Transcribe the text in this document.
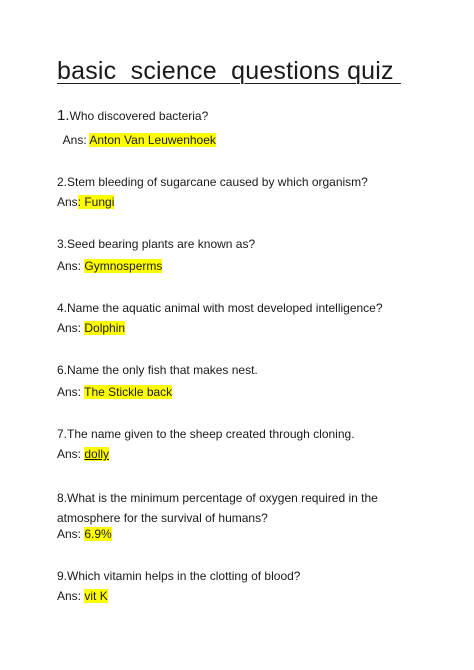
basic  science  questions quiz
1.Who discovered bacteria?
Ans: Anton Van Leuwenhoek
2.Stem bleeding of sugarcane caused by which organism?
Ans: Fungi
3.Seed bearing plants are known as?
Ans: Gymnosperms
4.Name the aquatic animal with most developed intelligence?
Ans: Dolphin
6.Name the only fish that makes nest.
Ans: The Stickle back
7.The name given to the sheep created through cloning.
Ans: dolly
8.What is the minimum percentage of oxygen required in the atmosphere for the survival of humans?
Ans: 6.9%
9.Which vitamin helps in the clotting of blood?
Ans: vit K
